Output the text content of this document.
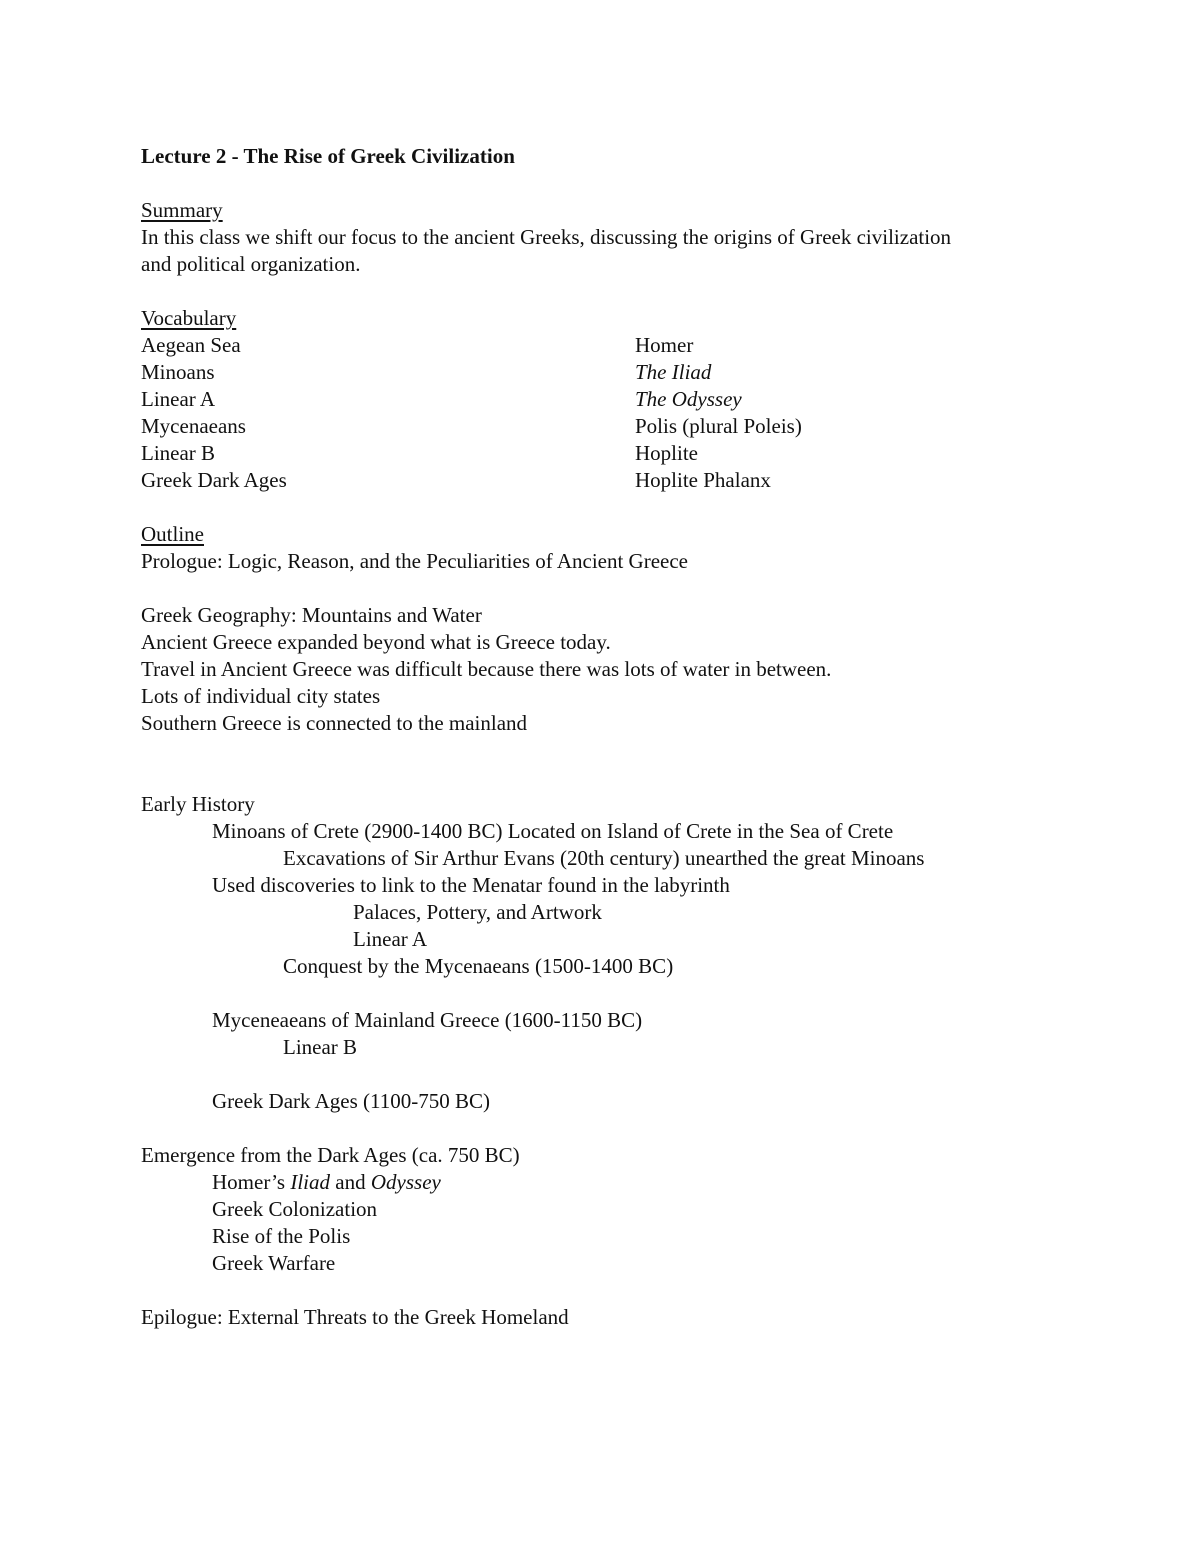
Lecture 2 - The Rise of Greek Civilization
Summary
In this class we shift our focus to the ancient Greeks, discussing the origins of Greek civilization
and political organization.
Vocabulary
Aegean Sea	Homer
Minoans	The Iliad
Linear A	The Odyssey
Mycenaeans	Polis (plural Poleis)
Linear B	Hoplite
Greek Dark Ages	Hoplite Phalanx
Outline
Prologue: Logic, Reason, and the Peculiarities of Ancient Greece
Greek Geography: Mountains and Water
Ancient Greece expanded beyond what is Greece today.
Travel in Ancient Greece was difficult because there was lots of water in between.
Lots of individual city states
Southern Greece is connected to the mainland
Early History
Minoans of Crete (2900-1400 BC) Located on Island of Crete in the Sea of Crete
Excavations of Sir Arthur Evans (20th century) unearthed the great Minoans
Used discoveries to link to the Menatar found in the labyrinth
Palaces, Pottery, and Artwork
Linear A
Conquest by the Mycenaeans (1500-1400 BC)
Myceneaeans of Mainland Greece (1600-1150 BC)
Linear B
Greek Dark Ages (1100-750 BC)
Emergence from the Dark Ages (ca. 750 BC)
Homer’s Iliad and Odyssey
Greek Colonization
Rise of the Polis
Greek Warfare
Epilogue: External Threats to the Greek Homeland
